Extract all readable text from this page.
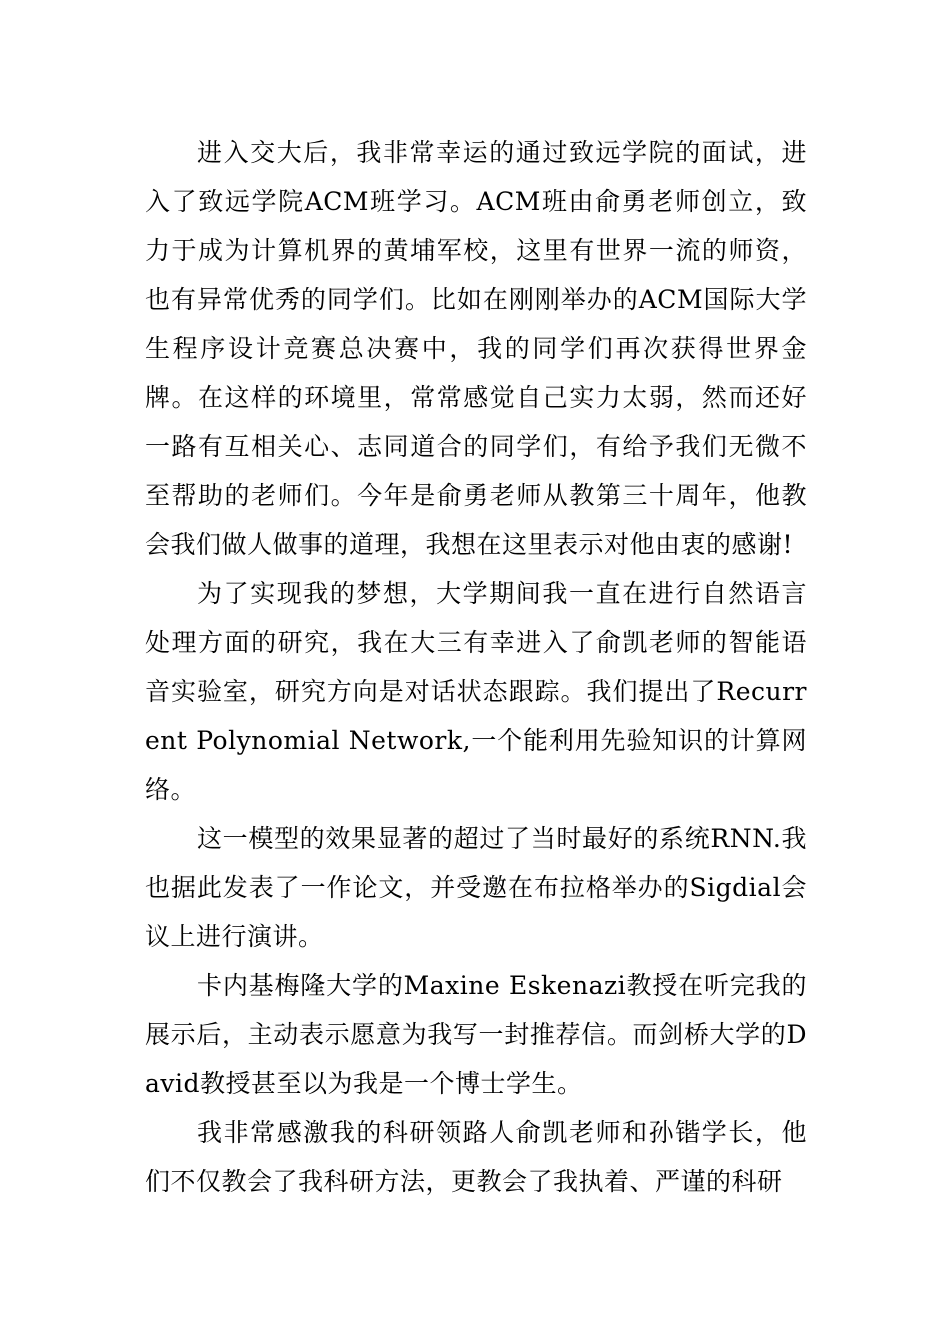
进入交大后，我非常幸运的通过致远学院的面试，进入了致远学院ACM班学习。ACM班由俞勇老师创立，致力于成为计算机界的黄埔军校，这里有世界一流的师资，也有异常优秀的同学们。比如在刚刚举办的ACM国际大学生程序设计竞赛总决赛中，我的同学们再次获得世界金牌。在这样的环境里，常常感觉自己实力太弱，然而还好一路有互相关心、志同道合的同学们，有给予我们无微不至帮助的老师们。今年是俞勇老师从教第三十周年，他教会我们做人做事的道理，我想在这里表示对他由衷的感谢!

为了实现我的梦想，大学期间我一直在进行自然语言处理方面的研究，我在大三有幸进入了俞凯老师的智能语音实验室，研究方向是对话状态跟踪。我们提出了Recurrent Polynomial Network,一个能利用先验知识的计算网络。

这一模型的效果显著的超过了当时最好的系统RNN.我也据此发表了一作论文，并受邀在布拉格举办的Sigdial会议上进行演讲。

卡内基梅隆大学的Maxine Eskenazi教授在听完我的展示后，主动表示愿意为我写一封推荐信。而剑桥大学的David教授甚至以为我是一个博士学生。

我非常感激我的科研领路人俞凯老师和孙锴学长，他们不仅教会了我科研方法，更教会了我执着、严谨的科研
